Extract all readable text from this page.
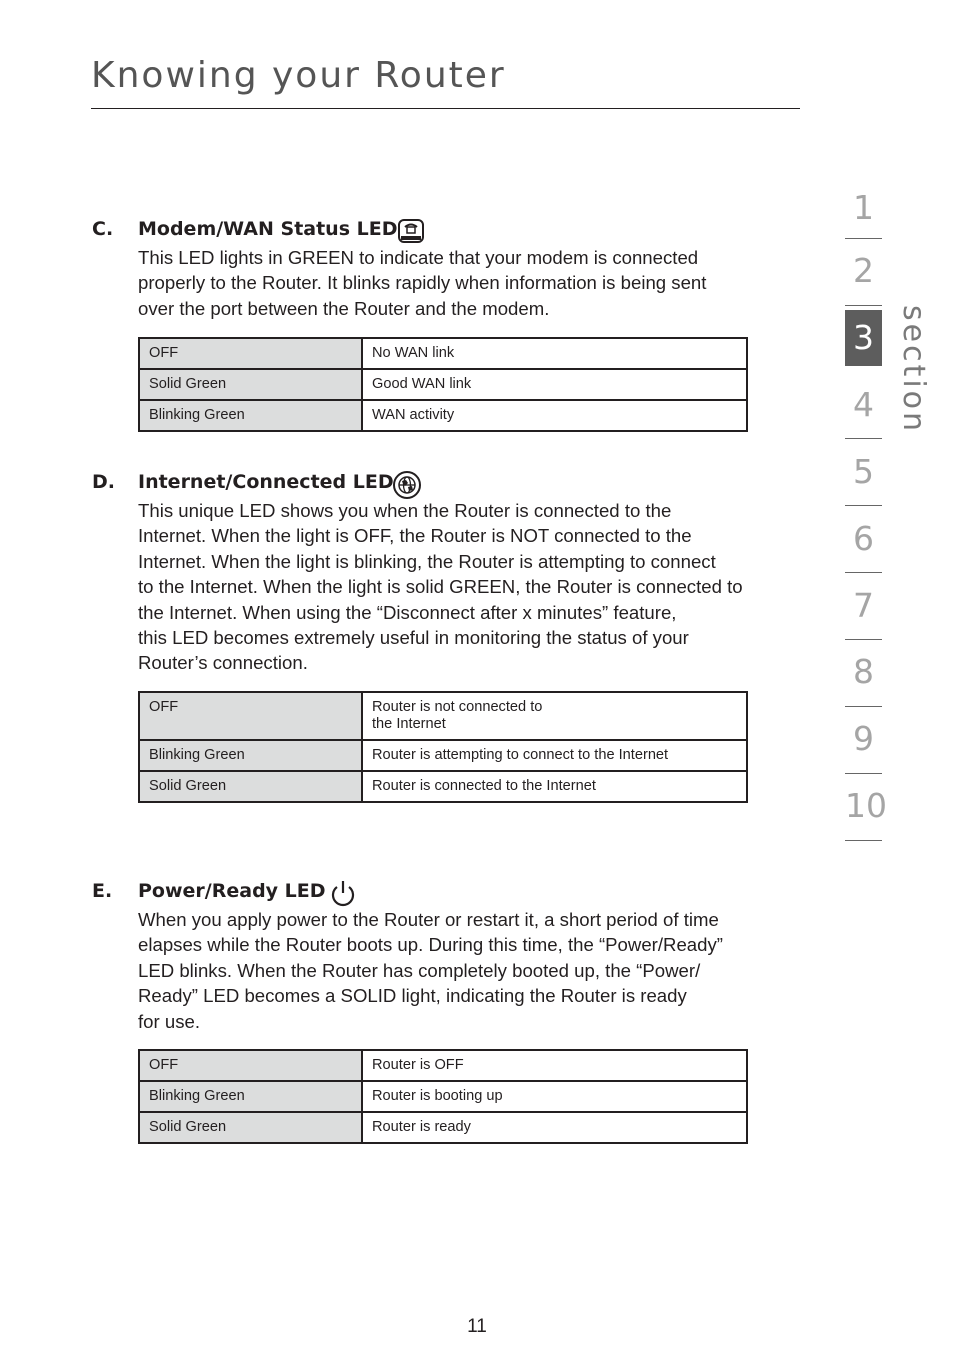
Knowing your Router
C. Modem/WAN Status LED

This LED lights in GREEN to indicate that your modem is connected

properly to the Router. It blinks rapidly when information is being sent

over the port between the Router and the modem.

OFF	No WAN link
Solid Green	Good WAN link
Blinking Green	WAN activity
D. Internet/Connected LED

This unique LED shows you when the Router is connected to the

Internet. When the light is OFF, the Router is NOT connected to the

Internet. When the light is blinking, the Router is attempting to connect

to the Internet. When the light is solid GREEN, the Router is connected to

the Internet. When using the “Disconnect after x minutes” feature,

this LED becomes extremely useful in monitoring the status of your

Router’s connection.

OFF	Router is not connected to
the Internet

Blinking Green	Router is attempting to connect to the Internet
Solid Green	Router is connected to the Internet
E. Power/Ready LED

When you apply power to the Router or restart it, a short period of time

elapses while the Router boots up. During this time, the “Power/Ready”

LED blinks. When the Router has completely booted up, the “Power/

Ready” LED becomes a SOLID light, indicating the Router is ready

for use.

OFF	Router is OFF
Blinking Green	Router is booting up
Solid Green	Router is ready
1
2
3
4
5
6
7
8
9
10
section
11
